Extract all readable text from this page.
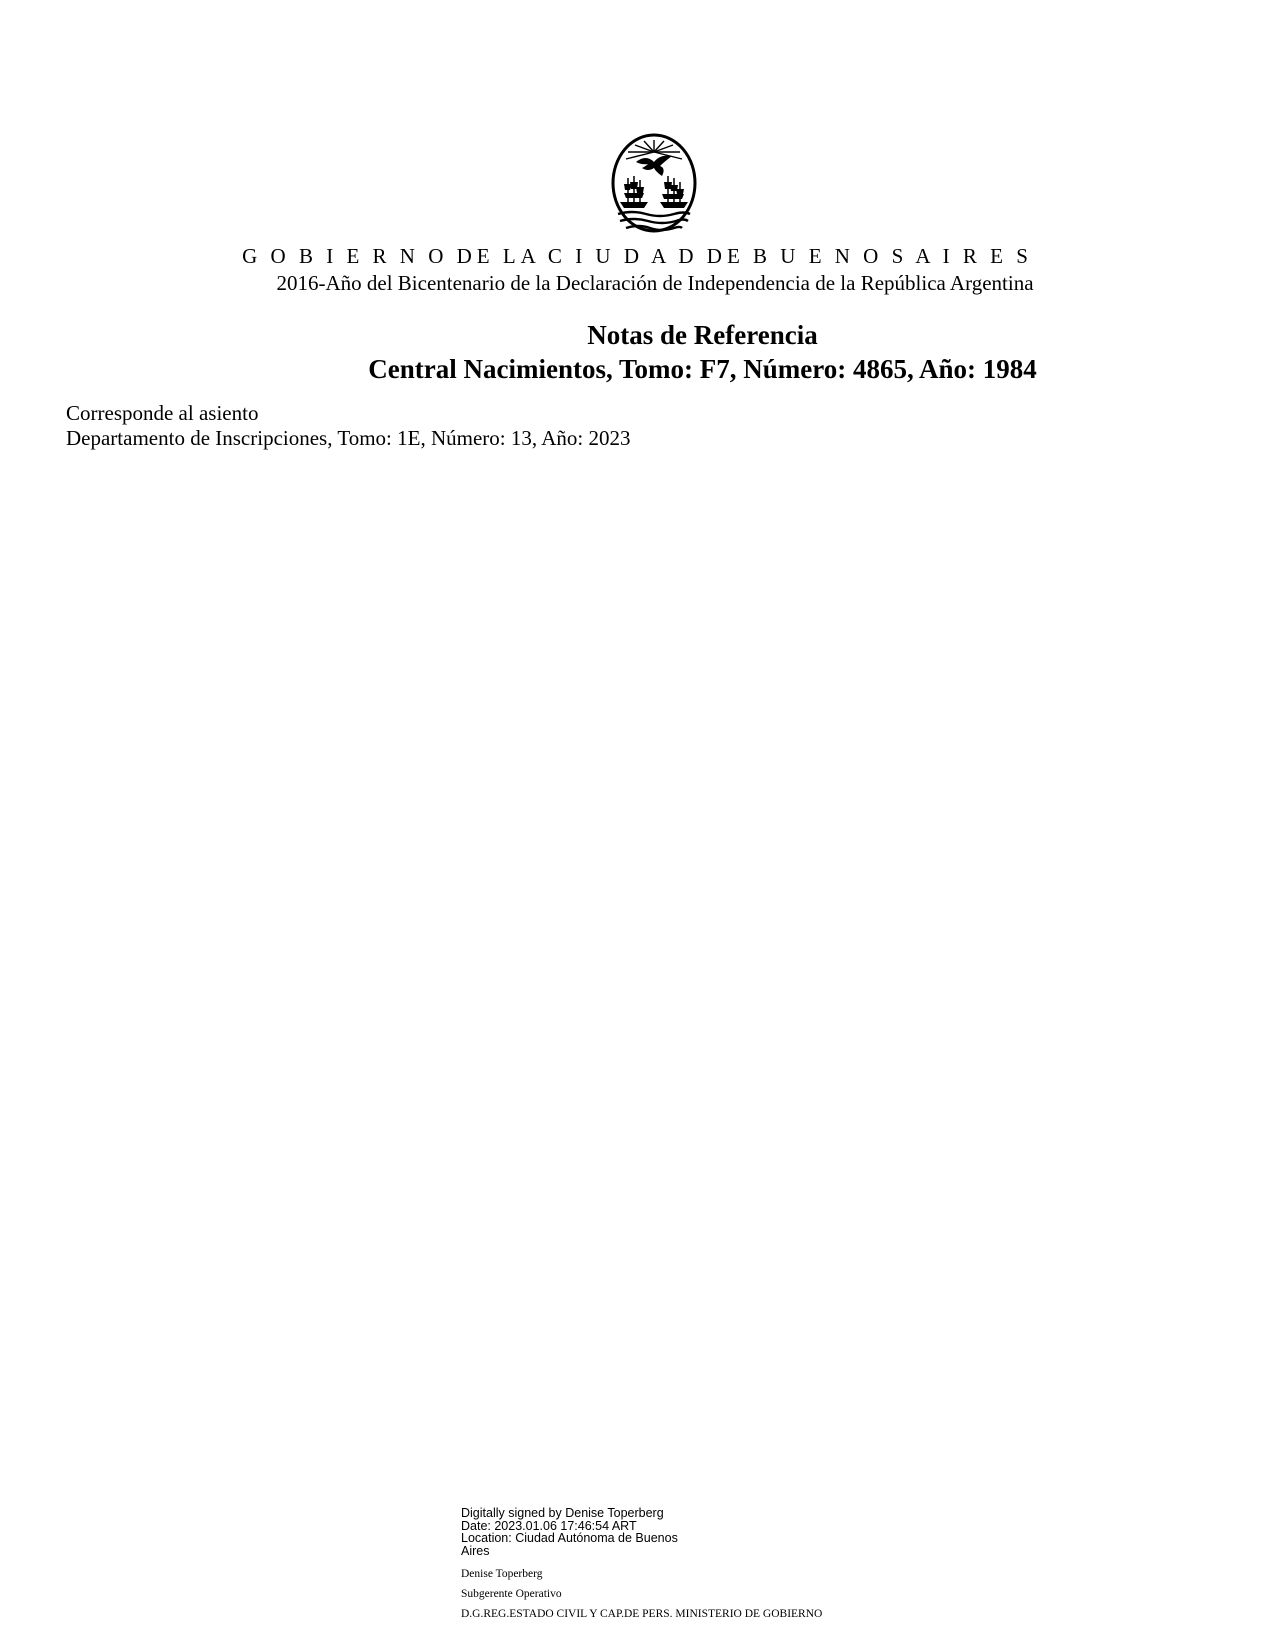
G O B I E R N O DE LA C I U D A D DE B U E N O S A I R E S
2016-Año del Bicentenario de la Declaración de Independencia de la República Argentina
Notas de Referencia
Central Nacimientos, Tomo: F7, Número: 4865, Año: 1984
Corresponde al asiento
Departamento de Inscripciones, Tomo: 1E, Número: 13, Año: 2023
Digitally signed by Denise Toperberg
Date: 2023.01.06 17:46:54 ART
Location: Ciudad Autónoma de Buenos
Aires
Denise Toperberg
Subgerente Operativo
D.G.REG.ESTADO CIVIL Y CAP.DE PERS. MINISTERIO DE GOBIERNO
